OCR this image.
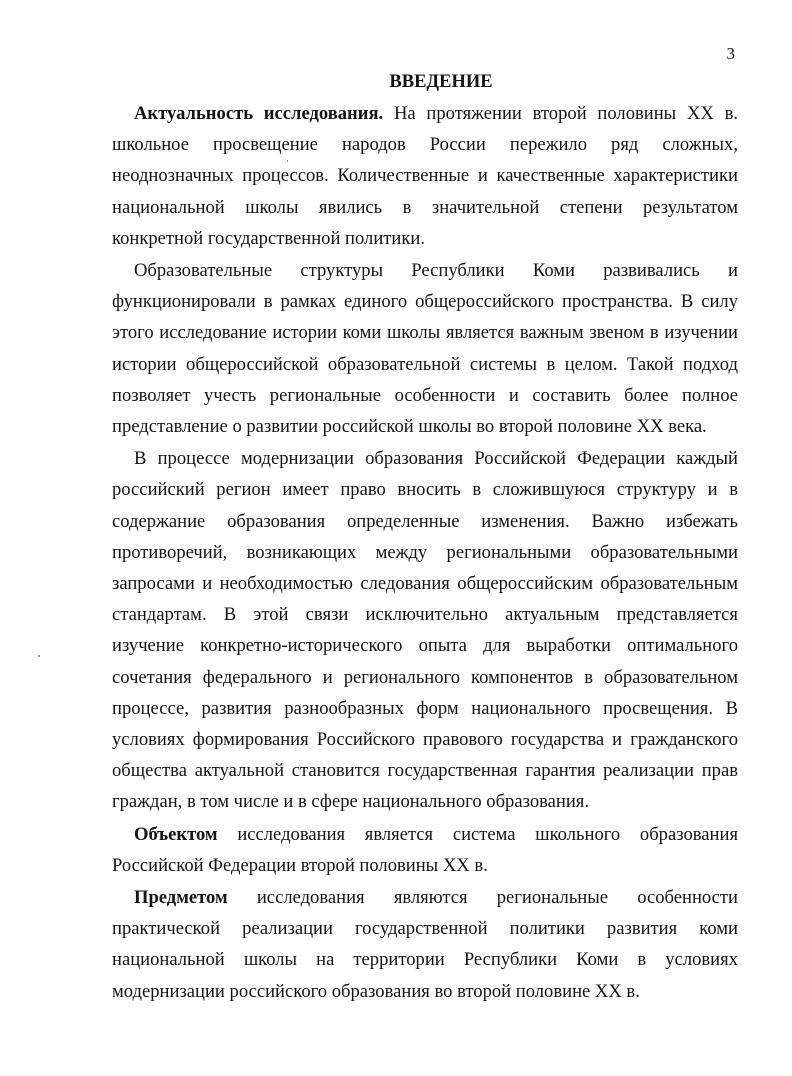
3
ВВЕДЕНИЕ

Актуальность исследования. На протяжении второй половины XX в. школьное просвещение народов России пережило ряд сложных, неоднозначных процессов. Количественные и качественные характеристики национальной школы явились в значительной степени результатом конкретной государственной политики.

Образовательные структуры Республики Коми развивались и функционировали в рамках единого общероссийского пространства. В силу этого исследование истории коми школы является важным звеном в изучении истории общероссийской образовательной системы в целом. Такой подход позволяет учесть региональные особенности и составить более полное представление о развитии российской школы во второй половине XX века.

В процессе модернизации образования Российской Федерации каждый российский регион имеет право вносить в сложившуюся структуру и в содержание образования определенные изменения. Важно избежать противоречий, возникающих между региональными образовательными запросами и необходимостью следования общероссийским образовательным стандартам. В этой связи исключительно актуальным представляется изучение конкретно-исторического опыта для выработки оптимального сочетания федерального и регионального компонентов в образовательном процессе, развития разнообразных форм национального просвещения. В условиях формирования Российского правового государства и гражданского общества актуальной становится государственная гарантия реализации прав граждан, в том числе и в сфере национального образования.

Объектом исследования является система школьного образования Российской Федерации второй половины XX в.

Предметом исследования являются региональные особенности практической реализации государственной политики развития коми национальной школы на территории Республики Коми в условиях модернизации российского образования во второй половине XX в.
